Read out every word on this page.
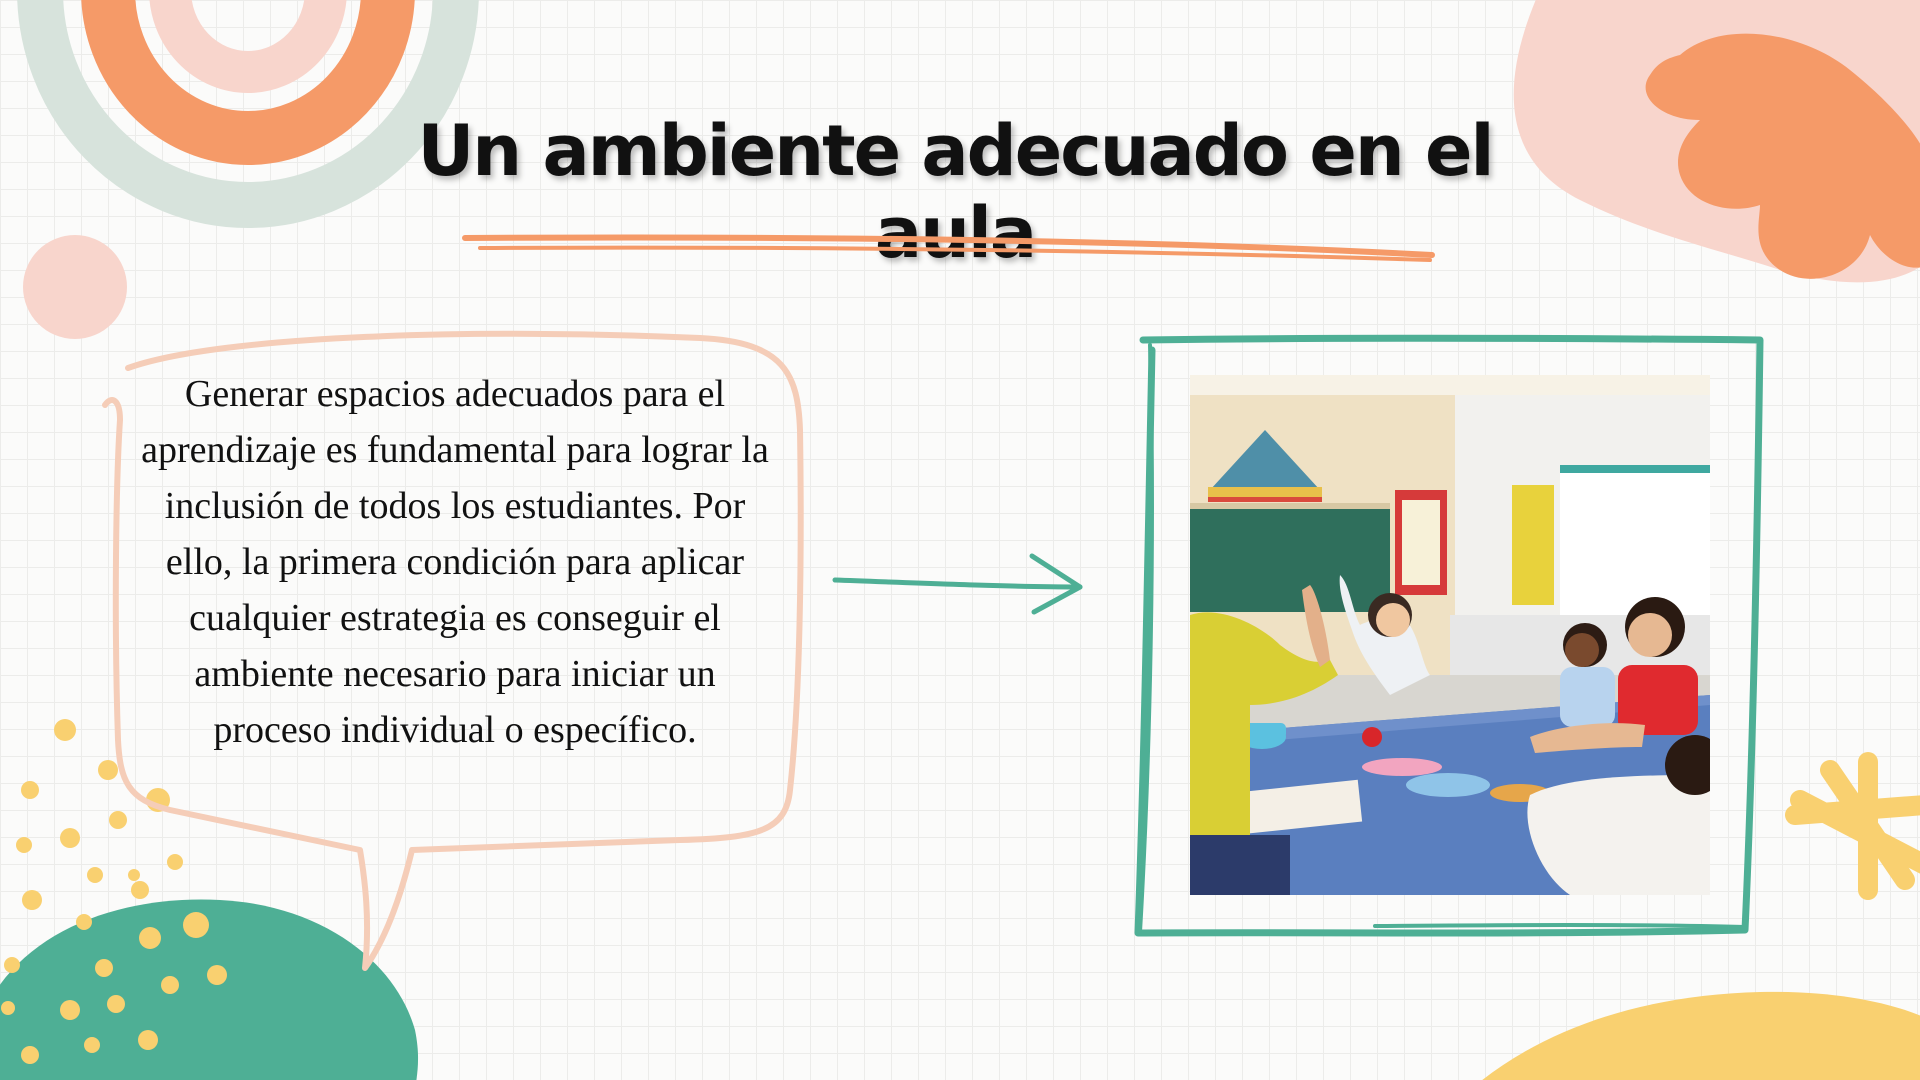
Un ambiente adecuado en el aula
Generar espacios adecuados para el aprendizaje es fundamental para lograr la inclusión de todos los estudiantes. Por ello, la primera condición para aplicar cualquier estrategia es conseguir el ambiente necesario para iniciar un proceso individual o específico.
